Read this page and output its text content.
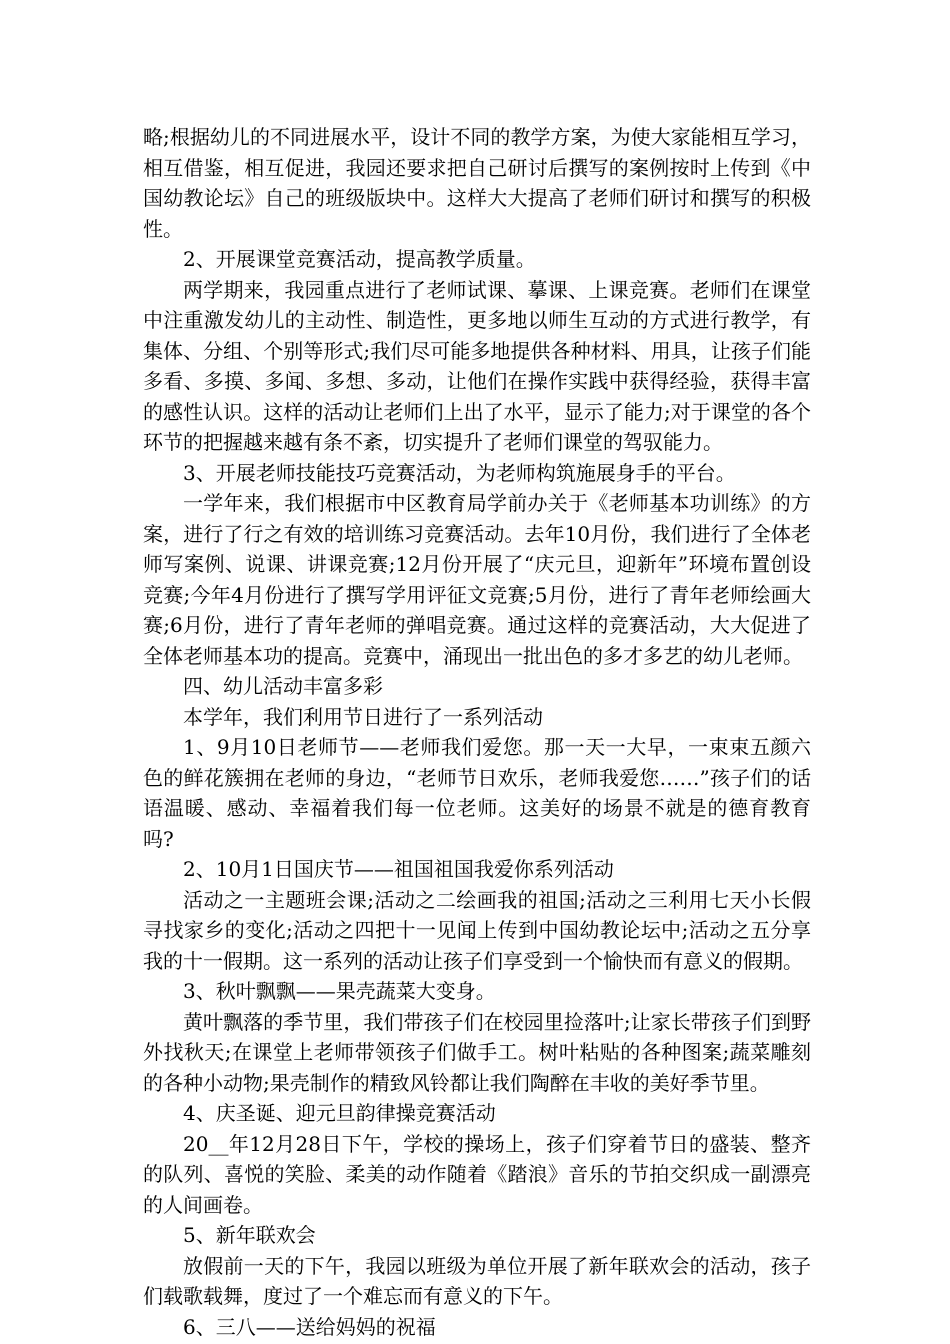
略;根据幼儿的不同进展水平，设计不同的教学方案，为使大家能相互学习，相互借鉴，相互促进，我园还要求把自己研讨后撰写的案例按时上传到《中国幼教论坛》自己的班级版块中。这样大大提高了老师们研讨和撰写的积极性。

2、开展课堂竞赛活动，提高教学质量。

两学期来，我园重点进行了老师试课、摹课、上课竞赛。老师们在课堂中注重激发幼儿的主动性、制造性，更多地以师生互动的方式进行教学，有集体、分组、个别等形式;我们尽可能多地提供各种材料、用具，让孩子们能多看、多摸、多闻、多想、多动，让他们在操作实践中获得经验，获得丰富的感性认识。这样的活动让老师们上出了水平，显示了能力;对于课堂的各个环节的把握越来越有条不紊，切实提升了老师们课堂的驾驭能力。

3、开展老师技能技巧竞赛活动，为老师构筑施展身手的平台。

一学年来，我们根据市中区教育局学前办关于《老师基本功训练》的方案，进行了行之有效的培训练习竞赛活动。去年10月份，我们进行了全体老师写案例、说课、讲课竞赛;12月份开展了“庆元旦，迎新年”环境布置创设竞赛;今年4月份进行了撰写学用评征文竞赛;5月份，进行了青年老师绘画大赛;6月份，进行了青年老师的弹唱竞赛。通过这样的竞赛活动，大大促进了全体老师基本功的提高。竞赛中，涌现出一批出色的多才多艺的幼儿老师。

四、幼儿活动丰富多彩

本学年，我们利用节日进行了一系列活动

1、9月10日老师节——老师我们爱您。那一天一大早，一束束五颜六色的鲜花簇拥在老师的身边，“老师节日欢乐，老师我爱您……”孩子们的话语温暖、感动、幸福着我们每一位老师。这美好的场景不就是的德育教育吗?

2、10月1日国庆节——祖国祖国我爱你系列活动

活动之一主题班会课;活动之二绘画我的祖国;活动之三利用七天小长假寻找家乡的变化;活动之四把十一见闻上传到中国幼教论坛中;活动之五分享我的十一假期。这一系列的活动让孩子们享受到一个愉快而有意义的假期。

3、秋叶飘飘——果壳蔬菜大变身。

黄叶飘落的季节里，我们带孩子们在校园里捡落叶;让家长带孩子们到野外找秋天;在课堂上老师带领孩子们做手工。树叶粘贴的各种图案;蔬菜雕刻的各种小动物;果壳制作的精致风铃都让我们陶醉在丰收的美好季节里。

4、庆圣诞、迎元旦韵律操竞赛活动

20__年12月28日下午，学校的操场上，孩子们穿着节日的盛装、整齐的队列、喜悦的笑脸、柔美的动作随着《踏浪》音乐的节拍交织成一副漂亮的人间画卷。

5、新年联欢会

放假前一天的下午，我园以班级为单位开展了新年联欢会的活动，孩子们载歌载舞，度过了一个难忘而有意义的下午。

6、三八——送给妈妈的祝福
